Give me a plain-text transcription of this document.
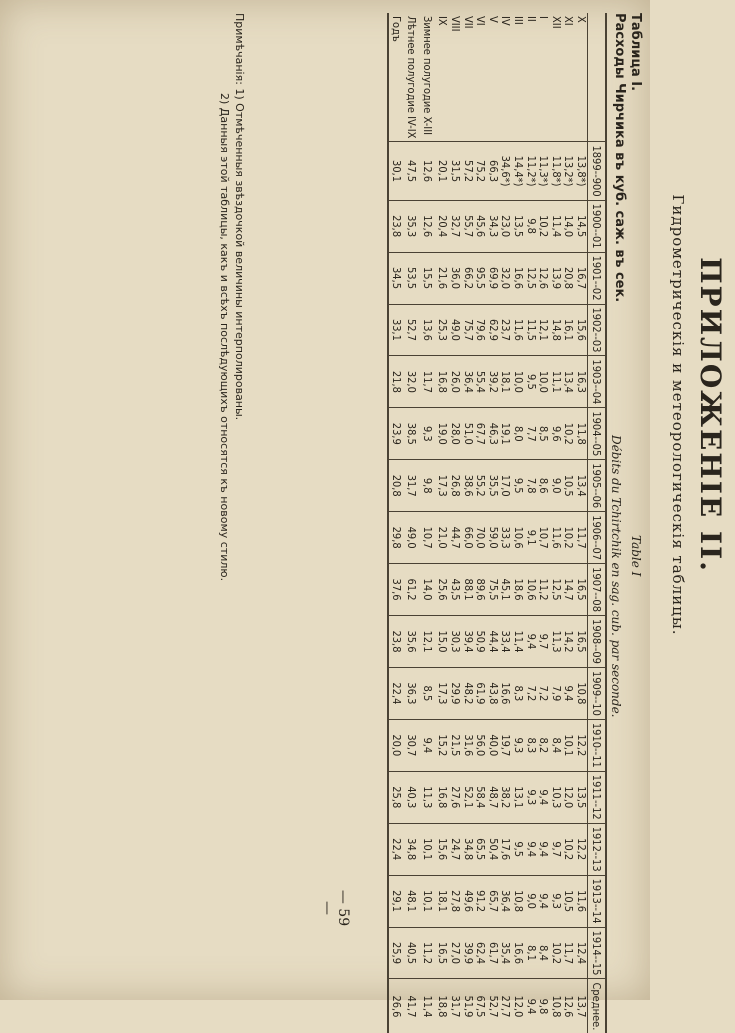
ПРИЛОЖЕНІЕ II.
Гидрометрическія и метеорологическія таблицы.
Таблица I.
Расходы Чирчика въ куб. саж. въ сек.
Table I
Débits du Tchirtchik en sag. cub. par seconde.
	1899--900	1900--01	1901--02	1902--03	1903--04	1904--05	1905--06	1906--07	1907--08	1908--09	1909--10	1910--11	1911--12	1912--13	1913--14	1914--15	Среднее.
X	13,8*)	14,5	16,7	15,6	16,3	11,8	13,4	11,7	16,5	16,5	10,8	12,2	13,5	12,2	11,6	12,4	13,7
XI	13,2*)	14,0	20,8	16,1	13,4	10,2	10,5	10,2	14,7	14,2	9,4	10,1	12,0	10,2	10,5	11,7	12,6
XII	11,8*)	11,4	13,9	14,8	11,1	9,6	9,0	11,6	12,5	11,3	7,9	8,4	10,3	9,7	9,3	10,2	10,8
I	11,3*)	10,2	12,6	12,1	10,0	8,5	8,6	10,7	11,2	9,7	7,2	8,2	9,4	9,4	9,4	8,4	9,8
II	11,2*)	9,8	12,5	11,5	9,5	7,7	7,8	9,1	10,6	9,4	7,2	8,3	9,3	9,4	9,0	8,1	9,4
III	14,4*)	13,5	16,6	11,6	10,0	8,0	9,5	10,6	18,6	11,4	8,3	9,3	13,1	9,5	10,8	16,6	12,0
IV	34,6*)	23,0	32,0	23,7	18,1	19,1	17,0	33,3	45,1	33,4	16,6	19,7	38,2	17,6	36,4	35,4	27,7
V	66,3	34,3	69,9	62,9	39,2	46,3	35,5	59,0	75,5	44,4	43,8	40,0	48,7	50,4	65,7	61,7	52,7
VI	75,2	45,6	95,5	79,6	55,4	67,7	55,2	70,0	89,6	50,9	61,9	56,0	58,4	65,5	91,2	62,4	67,5
VII	57,2	55,7	66,2	75,7	36,4	51,0	38,6	66,0	88,1	39,4	48,2	31,6	52,1	34,8	49,6	39,9	51,9
VIII	31,5	32,7	36,0	49,0	26,0	28,0	26,8	44,7	43,5	30,3	29,9	21,5	27,6	24,7	27,8	27,0	31,7
IX	20,1	20,4	21,6	25,3	16,8	19,0	17,3	21,0	25,6	15,0	17,3	15,2	16,8	15,6	18,1	16,5	18,8
Зимнее полугодие X-III	12,6	12,6	15,5	13,6	11,7	9,3	9,8	10,7	14,0	12,1	8,5	9,4	11,3	10,1	10,1	11,2	11,4
Лѣтнее полугодие IV-IX	47,5	35,3	53,5	52,7	32,0	38,5	31,7	49,0	61,2	35,6	36,3	30,7	40,3	34,8	48,1	40,5	41,7
Годъ	30,1	23,8	34,5	33,1	21,8	23,9	20,8	29,8	37,6	23,8	22,4	20,0	25,8	22,4	29,1	25,9	26,6
Примѣчанія: 1) Отмѣченныя звѣздочкой величины интерполированы.
2) Данныя этой таблицы, какъ и всѣхъ послѣдующихъ относятся къ новому стилю.
— 59 —
